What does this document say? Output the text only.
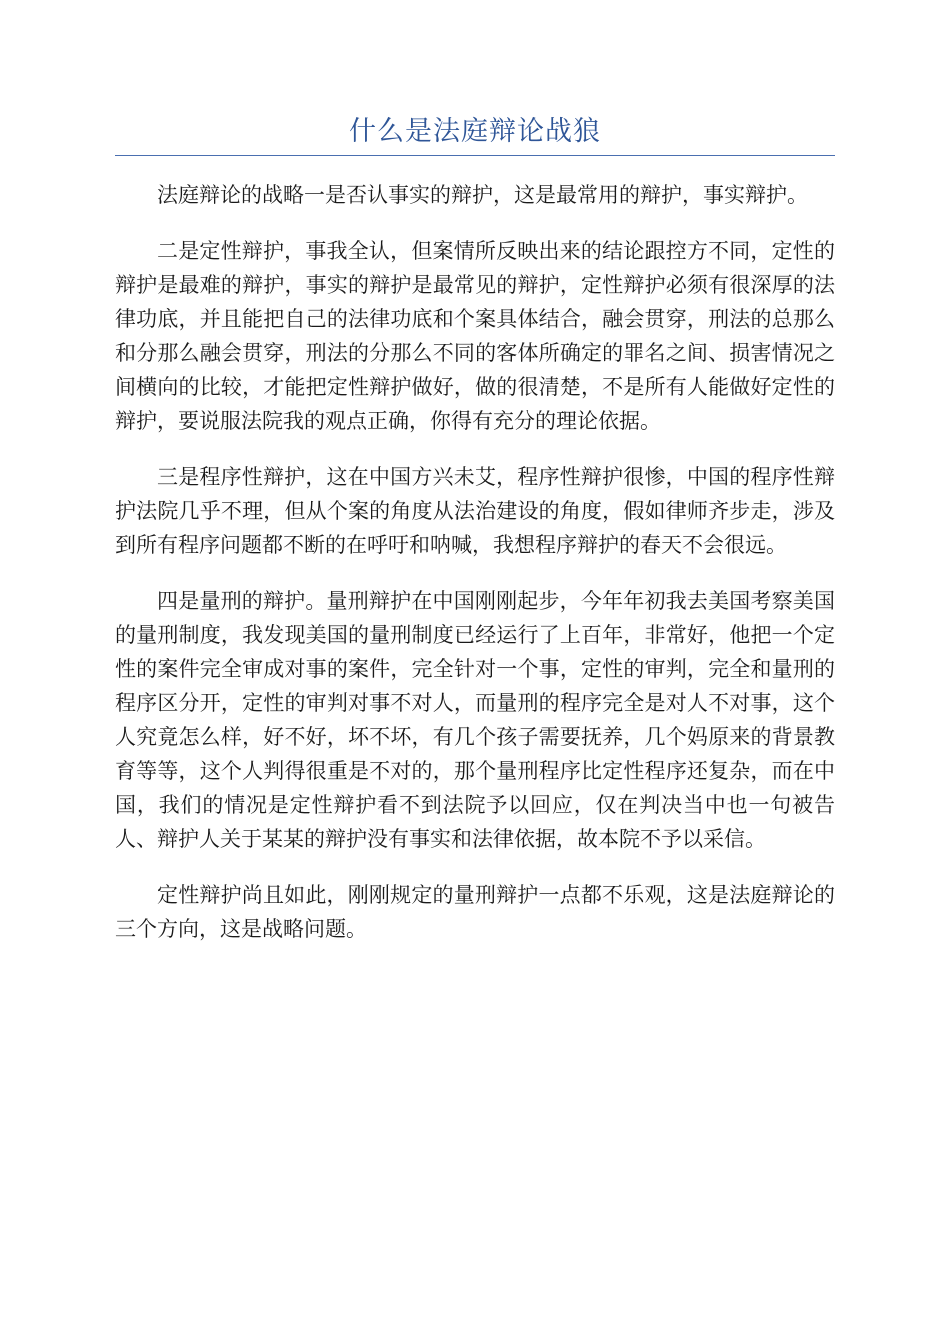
什么是法庭辩论战狼

法庭辩论的战略一是否认事实的辩护，这是最常用的辩护，事实辩护。

二是定性辩护，事我全认，但案情所反映出来的结论跟控方不同，定性的辩护是最难的辩护，事实的辩护是最常见的辩护，定性辩护必须有很深厚的法律功底，并且能把自己的法律功底和个案具体结合，融会贯穿，刑法的总那么和分那么融会贯穿，刑法的分那么不同的客体所确定的罪名之间、损害情况之间横向的比较，才能把定性辩护做好，做的很清楚，不是所有人能做好定性的辩护，要说服法院我的观点正确，你得有充分的理论依据。

三是程序性辩护，这在中国方兴未艾，程序性辩护很惨，中国的程序性辩护法院几乎不理，但从个案的角度从法治建设的角度，假如律师齐步走，涉及到所有程序问题都不断的在呼吁和呐喊，我想程序辩护的春天不会很远。

四是量刑的辩护。量刑辩护在中国刚刚起步，今年年初我去美国考察美国的量刑制度，我发现美国的量刑制度已经运行了上百年，非常好，他把一个定性的案件完全审成对事的案件，完全针对一个事，定性的审判，完全和量刑的程序区分开，定性的审判对事不对人，而量刑的程序完全是对人不对事，这个人究竟怎么样，好不好，坏不坏，有几个孩子需要抚养，几个妈原来的背景教育等等，这个人判得很重是不对的，那个量刑程序比定性程序还复杂，而在中国，我们的情况是定性辩护看不到法院予以回应，仅在判决当中也一句被告人、辩护人关于某某的辩护没有事实和法律依据，故本院不予以采信。

定性辩护尚且如此，刚刚规定的量刑辩护一点都不乐观，这是法庭辩论的三个方向，这是战略问题。
